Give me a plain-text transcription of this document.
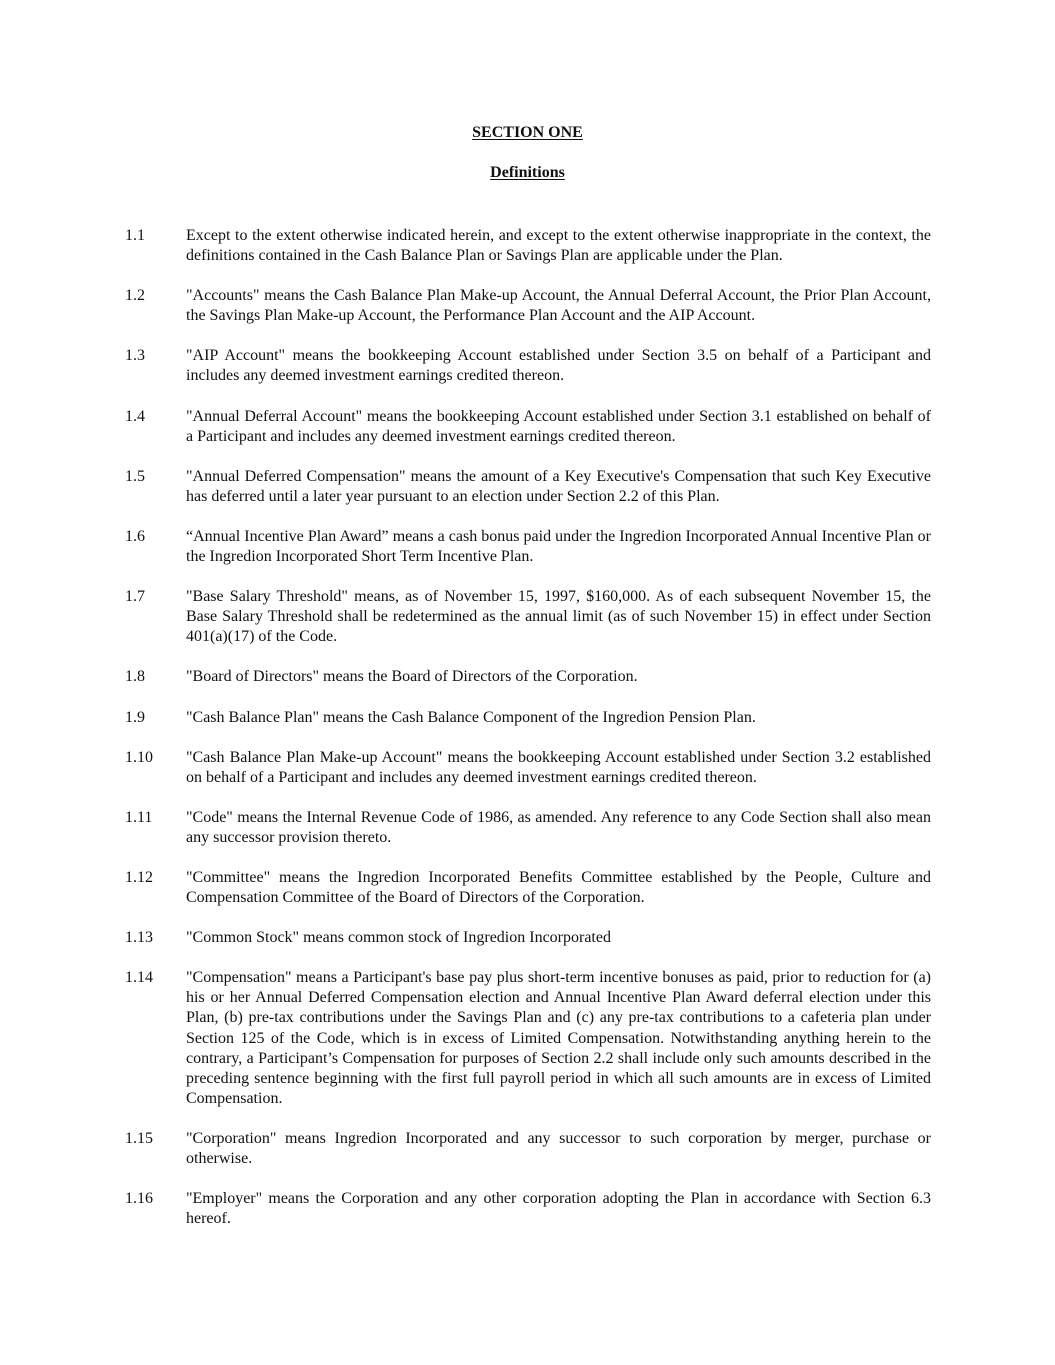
SECTION ONE
Definitions
1.1	Except to the extent otherwise indicated herein, and except to the extent otherwise inappropriate in the context, the definitions contained in the Cash Balance Plan or Savings Plan are applicable under the Plan.
1.2	"Accounts" means the Cash Balance Plan Make-up Account, the Annual Deferral Account, the Prior Plan Account, the Savings Plan Make-up Account, the Performance Plan Account and the AIP Account.
1.3	"AIP Account" means the bookkeeping Account established under Section 3.5 on behalf of a Participant and includes any deemed investment earnings credited thereon.
1.4	"Annual Deferral Account" means the bookkeeping Account established under Section 3.1 established on behalf of a Participant and includes any deemed investment earnings credited thereon.
1.5	"Annual Deferred Compensation" means the amount of a Key Executive's Compensation that such Key Executive has deferred until a later year pursuant to an election under Section 2.2 of this Plan.
1.6	“Annual Incentive Plan Award” means a cash bonus paid under the Ingredion Incorporated Annual Incentive Plan or the Ingredion Incorporated Short Term Incentive Plan.
1.7	"Base Salary Threshold" means, as of November 15, 1997, $160,000. As of each subsequent November 15, the Base Salary Threshold shall be redetermined as the annual limit (as of such November 15) in effect under Section 401(a)(17) of the Code.
1.8	"Board of Directors" means the Board of Directors of the Corporation.
1.9	"Cash Balance Plan" means the Cash Balance Component of the Ingredion Pension Plan.
1.10	"Cash Balance Plan Make-up Account" means the bookkeeping Account established under Section 3.2 established on behalf of a Participant and includes any deemed investment earnings credited thereon.
1.11	"Code" means the Internal Revenue Code of 1986, as amended. Any reference to any Code Section shall also mean any successor provision thereto.
1.12	"Committee" means the Ingredion Incorporated Benefits Committee established by the People, Culture and Compensation Committee of the Board of Directors of the Corporation.
1.13	"Common Stock" means common stock of Ingredion Incorporated
1.14	"Compensation" means a Participant's base pay plus short-term incentive bonuses as paid, prior to reduction for (a) his or her Annual Deferred Compensation election and Annual Incentive Plan Award deferral election under this Plan, (b) pre-tax contributions under the Savings Plan and (c) any pre-tax contributions to a cafeteria plan under Section 125 of the Code, which is in excess of Limited Compensation. Notwithstanding anything herein to the contrary, a Participant’s Compensation for purposes of Section 2.2 shall include only such amounts described in the preceding sentence beginning with the first full payroll period in which all such amounts are in excess of Limited Compensation.
1.15	"Corporation" means Ingredion Incorporated and any successor to such corporation by merger, purchase or otherwise.
1.16	"Employer" means the Corporation and any other corporation adopting the Plan in accordance with Section 6.3 hereof.
